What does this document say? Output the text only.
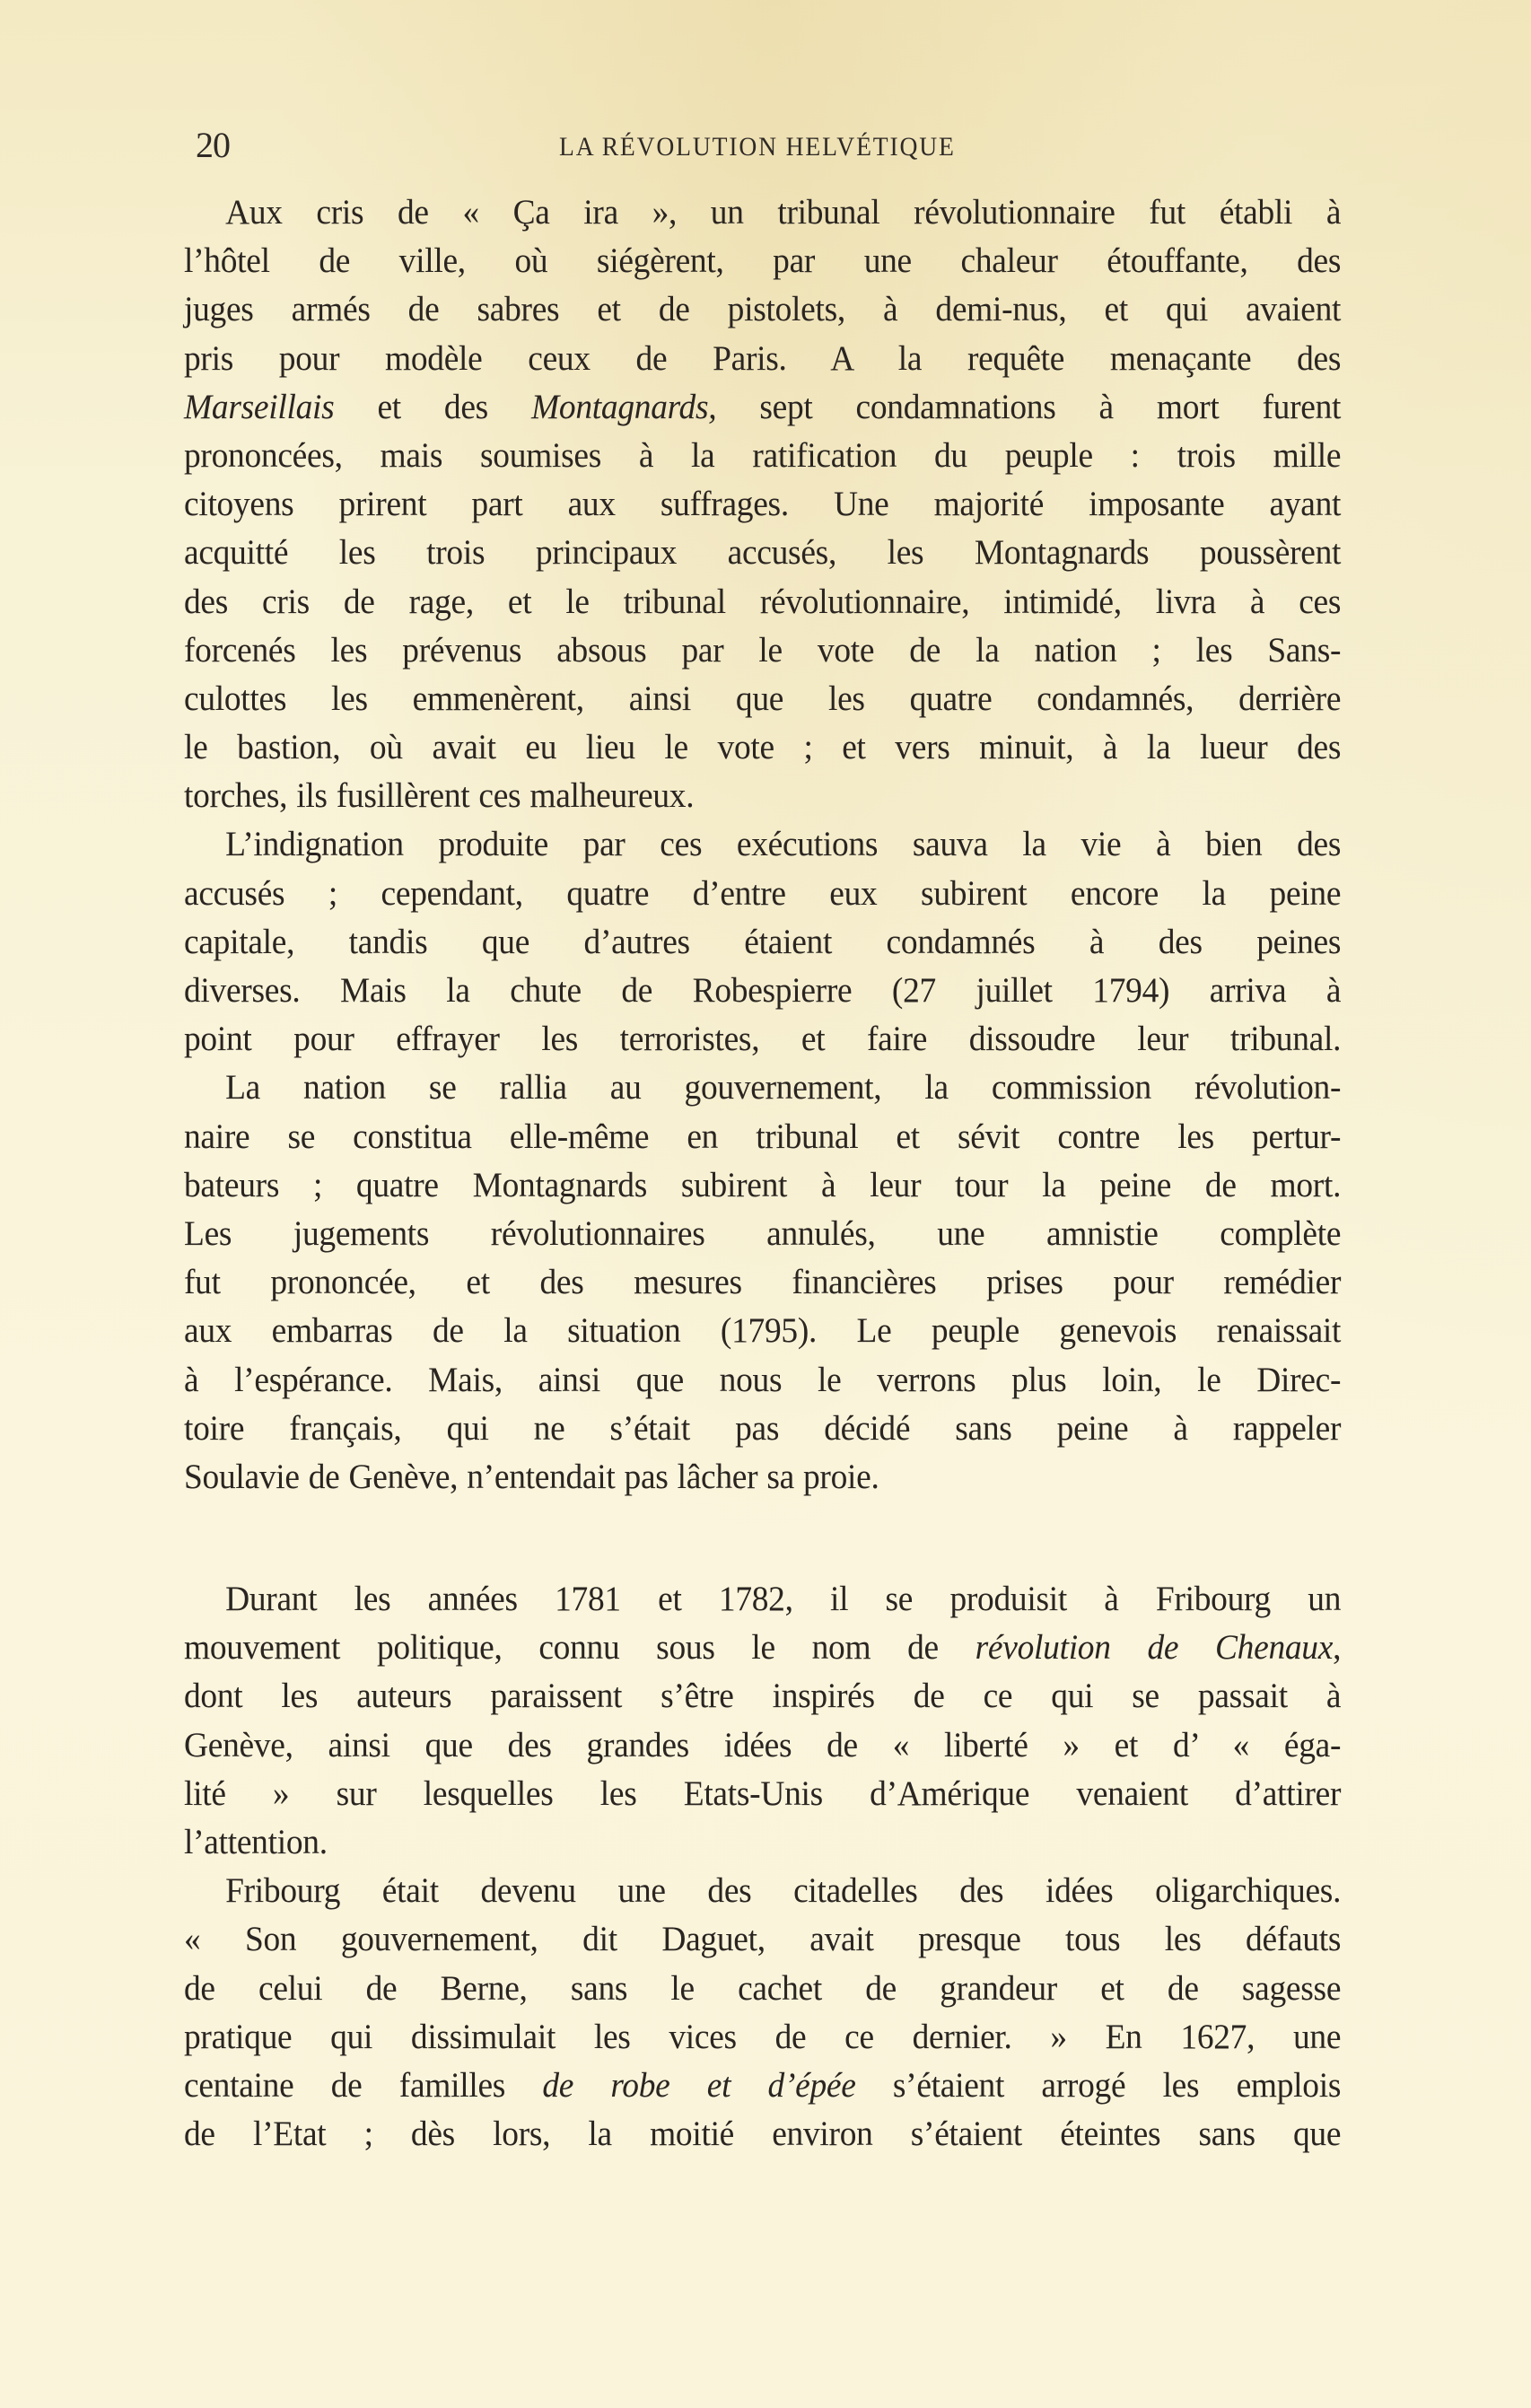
20	LA RÉVOLUTION HELVÉTIQUE
Aux cris de « Ça ira », un tribunal révolutionnaire fut établi à
l’hôtel de ville, où siégèrent, par une chaleur étouffante, des
juges armés de sabres et de pistolets, à demi-nus, et qui avaient
pris pour modèle ceux de Paris. A la requête menaçante des
Marseillais et des Montagnards, sept condamnations à mort furent
prononcées, mais soumises à la ratification du peuple : trois mille
citoyens prirent part aux suffrages. Une majorité imposante ayant
acquitté les trois principaux accusés, les Montagnards poussèrent
des cris de rage, et le tribunal révolutionnaire, intimidé, livra à ces
forcenés les prévenus absous par le vote de la nation ; les Sans-
culottes les emmenèrent, ainsi que les quatre condamnés, derrière
le bastion, où avait eu lieu le vote ; et vers minuit, à la lueur des
torches, ils fusillèrent ces malheureux.
L’indignation produite par ces exécutions sauva la vie à bien des
accusés ; cependant, quatre d’entre eux subirent encore la peine
capitale, tandis que d’autres étaient condamnés à des peines
diverses. Mais la chute de Robespierre (27 juillet 1794) arriva à
point pour effrayer les terroristes, et faire dissoudre leur tribunal.
La nation se rallia au gouvernement, la commission révolution-
naire se constitua elle-même en tribunal et sévit contre les pertur-
bateurs ; quatre Montagnards subirent à leur tour la peine de mort.
Les jugements révolutionnaires annulés, une amnistie complète
fut prononcée, et des mesures financières prises pour remédier
aux embarras de la situation (1795). Le peuple genevois renaissait
à l’espérance. Mais, ainsi que nous le verrons plus loin, le Direc-
toire français, qui ne s’était pas décidé sans peine à rappeler
Soulavie de Genève, n’entendait pas lâcher sa proie.
Durant les années 1781 et 1782, il se produisit à Fribourg un
mouvement politique, connu sous le nom de révolution de Chenaux,
dont les auteurs paraissent s’être inspirés de ce qui se passait à
Genève, ainsi que des grandes idées de « liberté » et d’ « éga-
lité » sur lesquelles les Etats-Unis d’Amérique venaient d’attirer
l’attention.
Fribourg était devenu une des citadelles des idées oligarchiques.
« Son gouvernement, dit Daguet, avait presque tous les défauts
de celui de Berne, sans le cachet de grandeur et de sagesse
pratique qui dissimulait les vices de ce dernier. » En 1627, une
centaine de familles de robe et d’épée s’étaient arrogé les emplois
de l’Etat ; dès lors, la moitié environ s’étaient éteintes sans que
